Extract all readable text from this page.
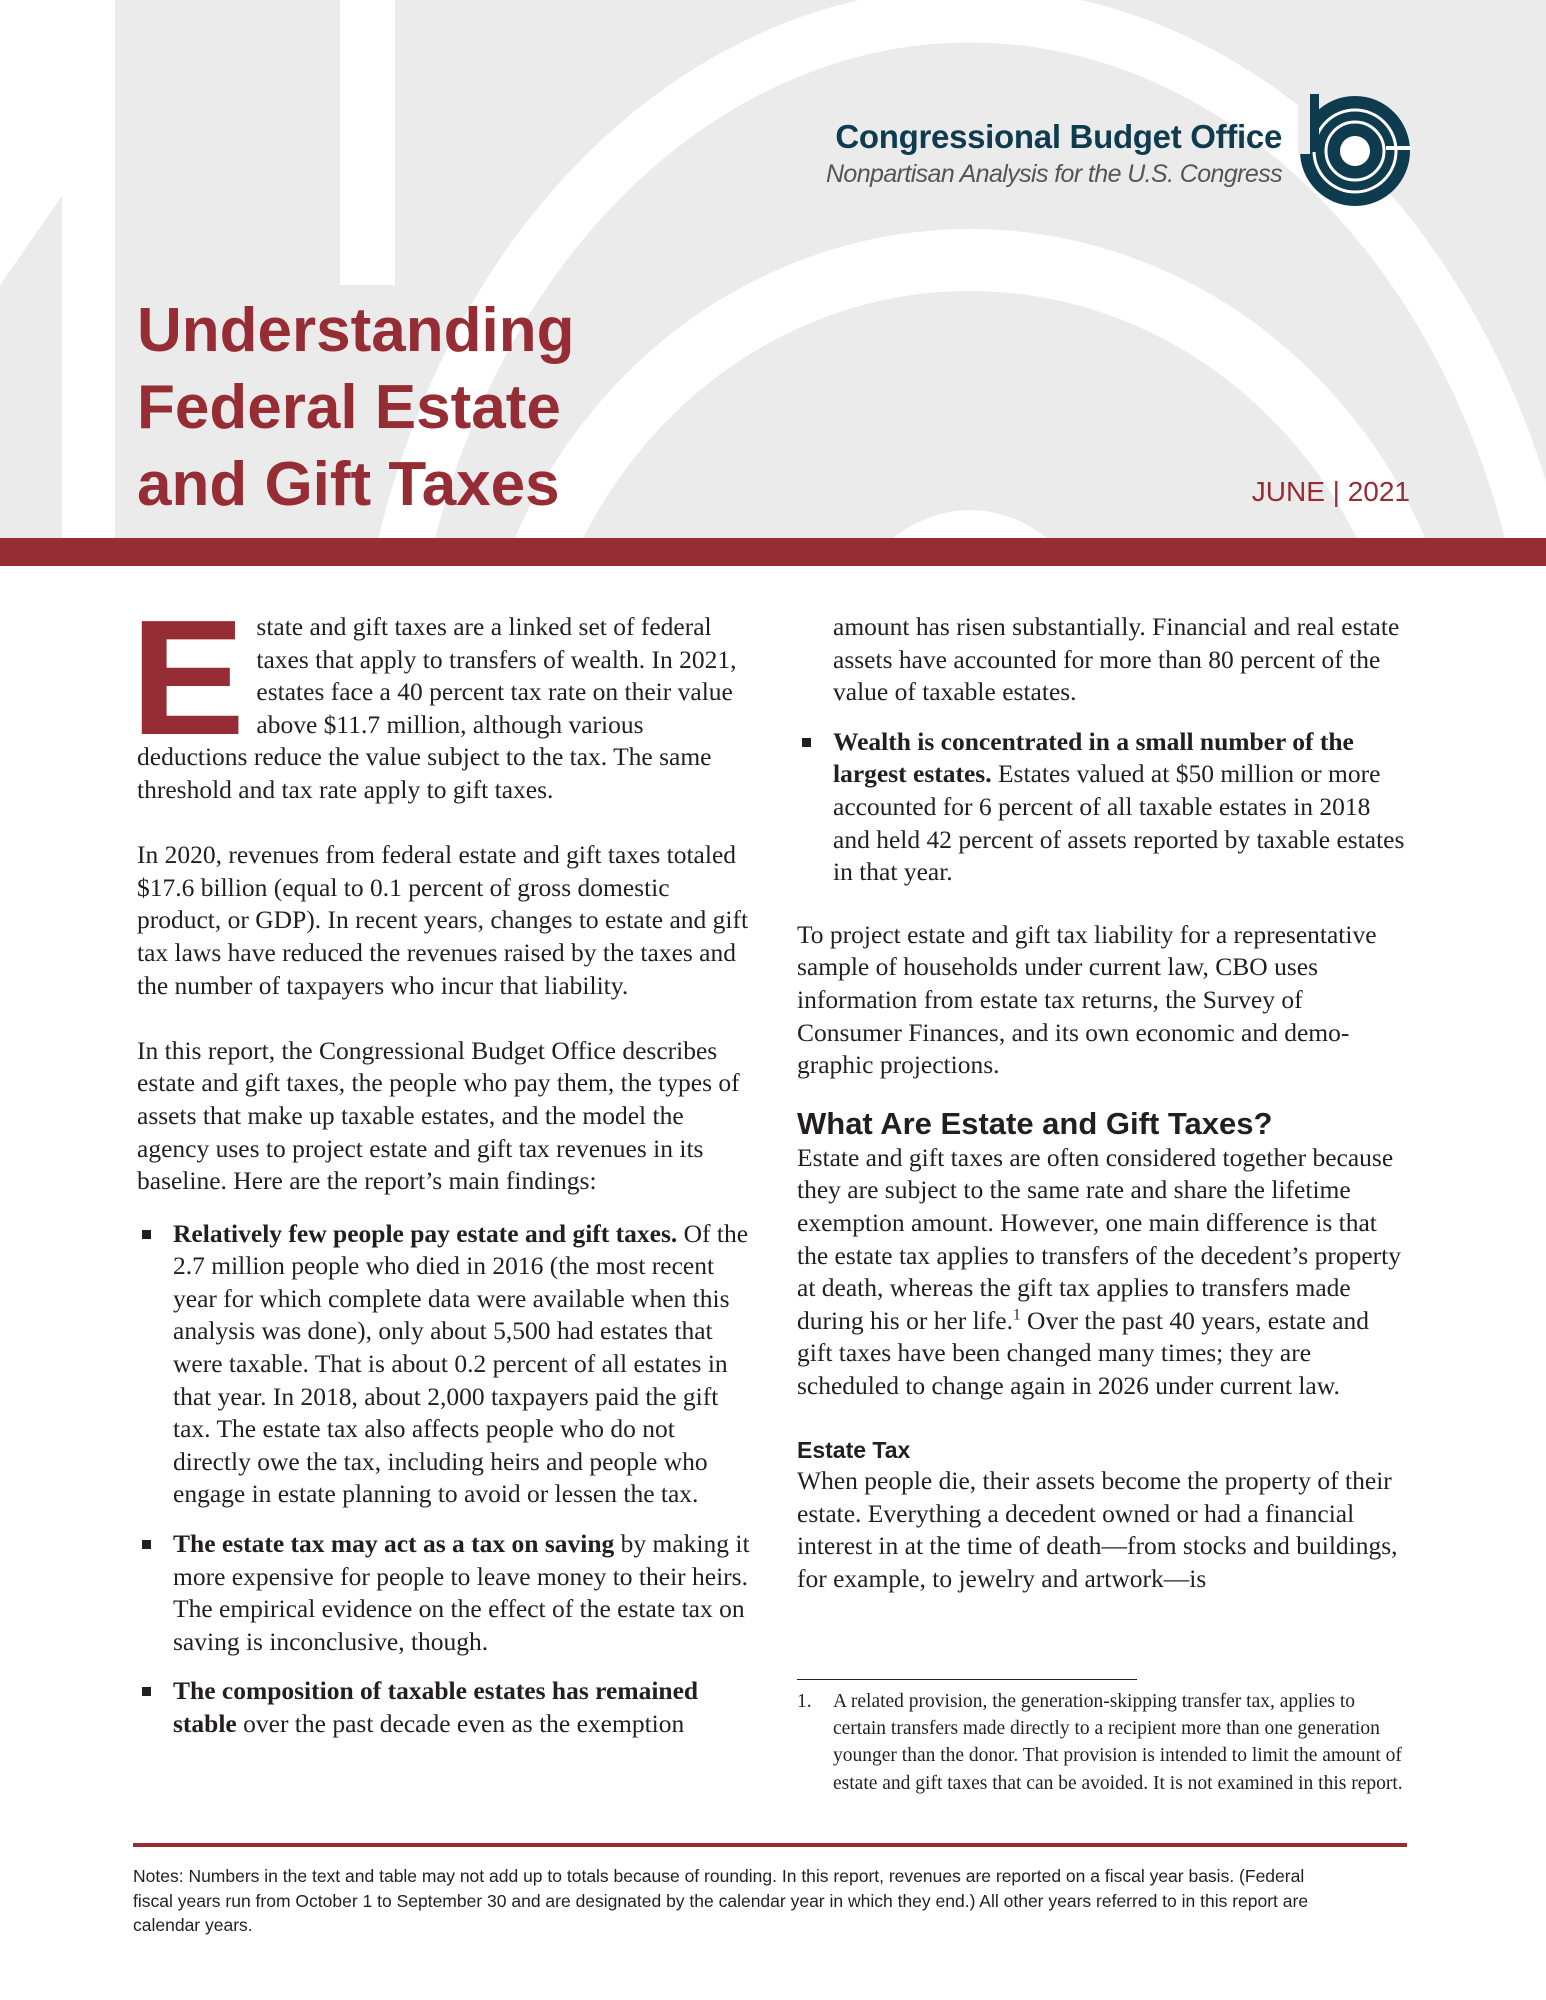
Congressional Budget Office
Nonpartisan Analysis for the U.S. Congress
Understanding
Federal Estate
and Gift Taxes	JUNE | 2021

Estate and gift taxes are a linked set of federal taxes that apply to transfers of wealth. In 2021, estates face a 40 percent tax rate on their value above $11.7 million, although various deductions reduce the value subject to the tax. The same threshold and tax rate apply to gift taxes.

In 2020, revenues from federal estate and gift taxes totaled $17.6 billion (equal to 0.1 percent of gross domestic product, or GDP). In recent years, changes to estate and gift tax laws have reduced the revenues raised by the taxes and the number of taxpayers who incur that liability.

In this report, the Congressional Budget Office describes estate and gift taxes, the people who pay them, the types of assets that make up taxable estates, and the model the agency uses to project estate and gift tax revenues in its baseline. Here are the report’s main findings:

Relatively few people pay estate and gift taxes. Of the 2.7 million people who died in 2016 (the most recent year for which complete data were available when this analysis was done), only about 5,500 had estates that were taxable. That is about 0.2 percent of all estates in that year. In 2018, about 2,000 taxpayers paid the gift tax. The estate tax also affects people who do not directly owe the tax, including heirs and people who engage in estate planning to avoid or lessen the tax.
The estate tax may act as a tax on saving by making it more expensive for people to leave money to their heirs. The empirical evidence on the effect of the estate tax on saving is inconclusive, though.
The composition of taxable estates has remained stable over the past decade even as the exemption
amount has risen substantially. Financial and real estate assets have accounted for more than 80 percent of the value of taxable estates.
Wealth is concentrated in a small number of the largest estates. Estates valued at $50 million or more accounted for 6 percent of all taxable estates in 2018 and held 42 percent of assets reported by taxable estates in that year.

To project estate and gift tax liability for a representative sample of households under current law, CBO uses information from estate tax returns, the Survey of Consumer Finances, and its own economic and demographic projections.

What Are Estate and Gift Taxes?

Estate and gift taxes are often considered together because they are subject to the same rate and share the lifetime exemption amount. However, one main difference is that the estate tax applies to transfers of the decedent’s property at death, whereas the gift tax applies to transfers made during his or her life.$^1$ Over the past 40 years, estate and gift taxes have been changed many times; they are scheduled to change again in 2026 under current law.

Estate Tax

When people die, their assets become the property of their estate. Everything a decedent owned or had a financial interest in at the time of death—from stocks and buildings, for example, to jewelry and artwork—is

1. A related provision, the generation-skipping transfer tax, applies to certain transfers made directly to a recipient more than one generation younger than the donor. That provision is intended to limit the amount of estate and gift taxes that can be avoided. It is not examined in this report.
Notes: Numbers in the text and table may not add up to totals because of rounding. In this report, revenues are reported on a fiscal year basis. (Federal fiscal years run from October 1 to September 30 and are designated by the calendar year in which they end.) All other years referred to in this report are calendar years.
